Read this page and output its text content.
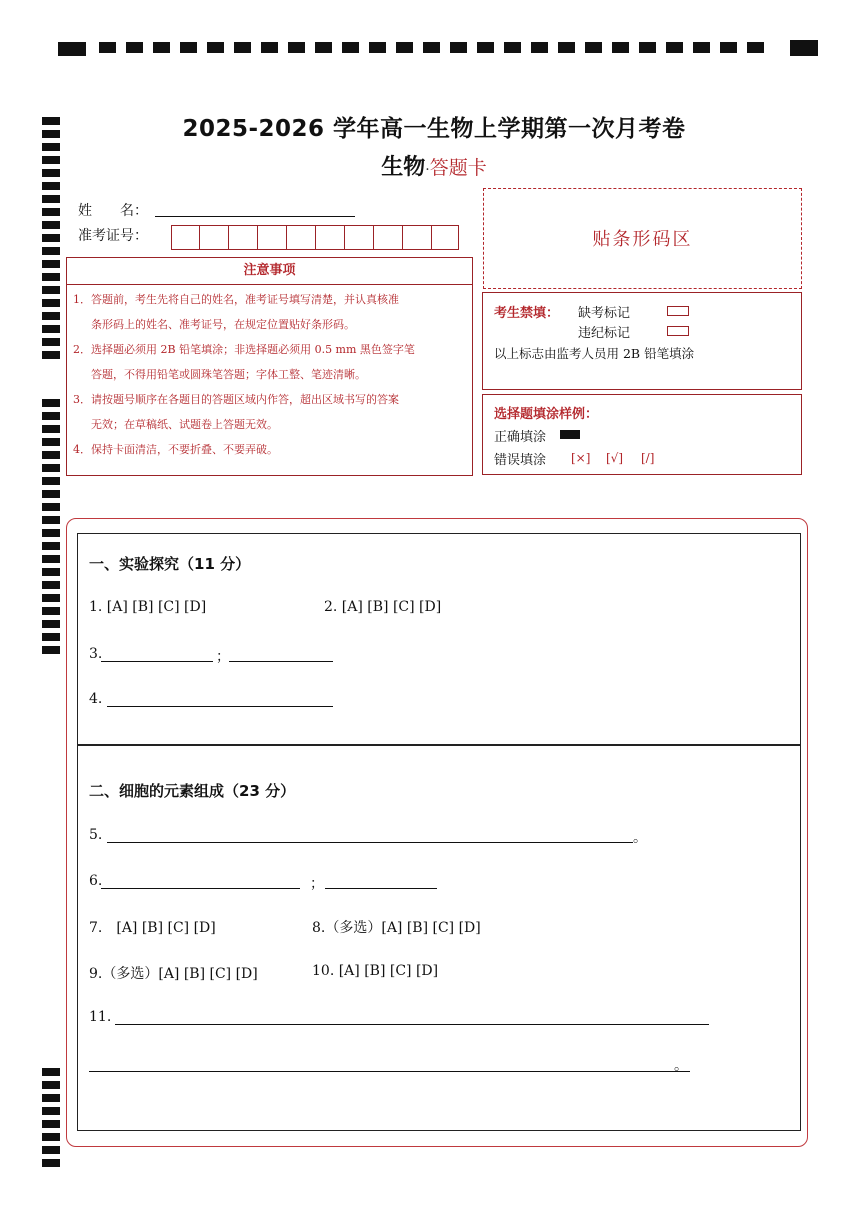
2025-2026 学年高一生物上学期第一次月考卷
生物·答题卡
姓　　名：
准考证号：
注意事项
1．答题前，考生先将自己的姓名，准考证号填写清楚，并认真核准
条形码上的姓名、准考证号，在规定位置贴好条形码。
2．选择题必须用 2B 铅笔填涂；非选择题必须用 0.5 mm 黑色签字笔
答题，不得用铅笔或圆珠笔答题；字体工整、笔迹清晰。
3．请按题号顺序在各题目的答题区域内作答，超出区域书写的答案
无效；在草稿纸、试题卷上答题无效。
4．保持卡面清洁，不要折叠、不要弄破。
贴条形码区
考生禁填： 缺考标记
违纪标记
以上标志由监考人员用 2B 铅笔填涂
选择题填涂样例：
正确填涂
错误填涂 [×] [√] [/]
一、实验探究（11 分）
1. [A] [B] [C] [D]	2. [A] [B] [C] [D]
3.	；
4.
二、细胞的元素组成（23 分）
5.	。
6.	；
7.　[A] [B] [C] [D]	8.（多选）[A] [B] [C] [D]
9.（多选）[A] [B] [C] [D]	10. [A] [B] [C] [D]
11.
。
